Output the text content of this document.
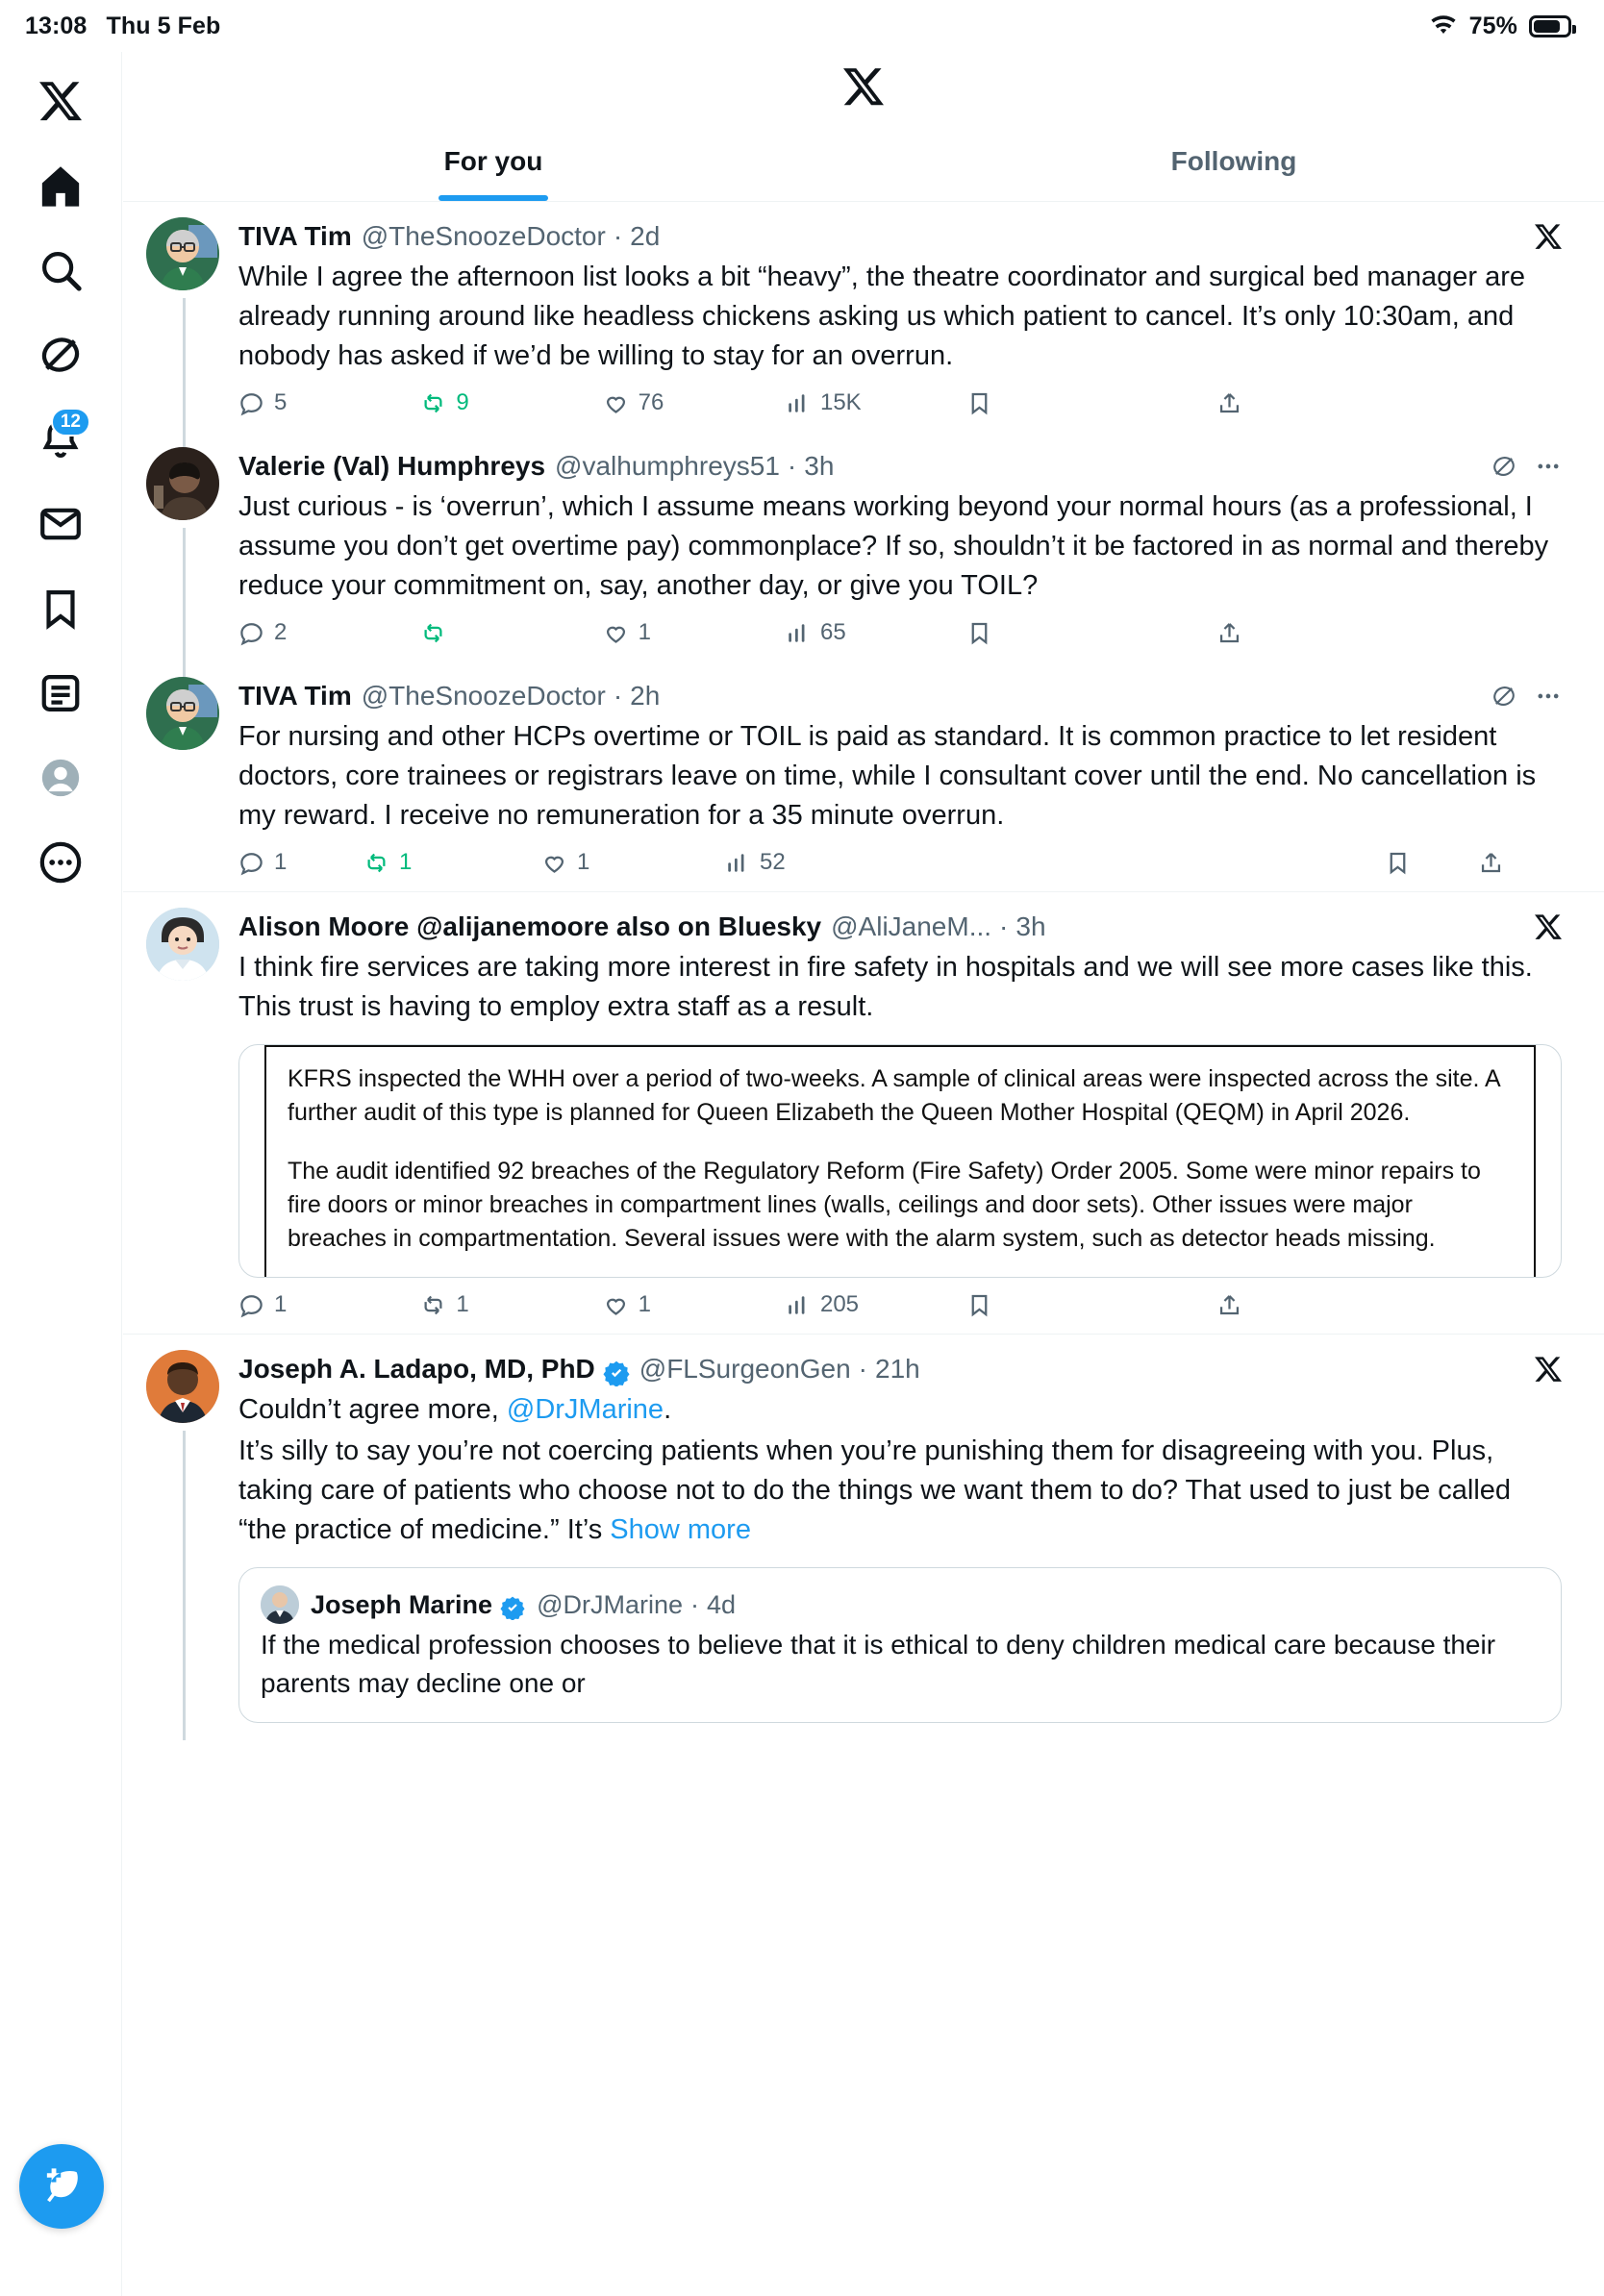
13:08 Thu 5 Feb	75%
12
For you	Following
TIVA Tim @TheSnoozeDoctor · 2d
While I agree the afternoon list looks a bit “heavy”, the theatre coordinator and surgical bed manager are already running around like headless chickens asking us which patient to cancel. It’s only 10:30am, and nobody has asked if we’d be willing to stay for an overrun.
5	9	76	15K
Valerie (Val) Humphreys @valhumphreys51 · 3h
Just curious - is ‘overrun’, which I assume means working beyond your normal hours (as a professional, I assume you don’t get overtime pay) commonplace? If so, shouldn’t it be factored in as normal and thereby reduce your commitment on, say, another day, or give you TOIL?
2	1	65
TIVA Tim @TheSnoozeDoctor · 2h
For nursing and other HCPs overtime or TOIL is paid as standard. It is common practice to let resident doctors, core trainees or registrars leave on time, while I consultant cover until the end. No cancellation is my reward. I receive no remuneration for a 35 minute overrun.
1	1	1	52
Alison Moore @alijanemoore also on Bluesky @AliJaneM... · 3h
I think fire services are taking more interest in fire safety in hospitals and we will see more cases like this. This trust is having to employ extra staff as a result.

KFRS inspected the WHH over a period of two-weeks. A sample of clinical areas were inspected across the site. A further audit of this type is planned for Queen Elizabeth the Queen Mother Hospital (QEQM) in April 2026.

The audit identified 92 breaches of the Regulatory Reform (Fire Safety) Order 2005. Some were minor repairs to fire doors or minor breaches in compartment lines (walls, ceilings and door sets). Other issues were major breaches in compartmentation. Several issues were with the alarm system, such as detector heads missing.

1	1	1	205
Joseph A. Ladapo, MD, PhD @FLSurgeonGen · 21h
Couldn’t agree more, @DrJMarine.
It’s silly to say you’re not coercing patients when you’re punishing them for disagreeing with you. Plus, taking care of patients who choose not to do the things we want them to do? That used to just be called “the practice of medicine.” It’s Show more
Joseph Marine @DrJMarine · 4d
If the medical profession chooses to believe that it is ethical to deny children medical care because their parents may decline one or
